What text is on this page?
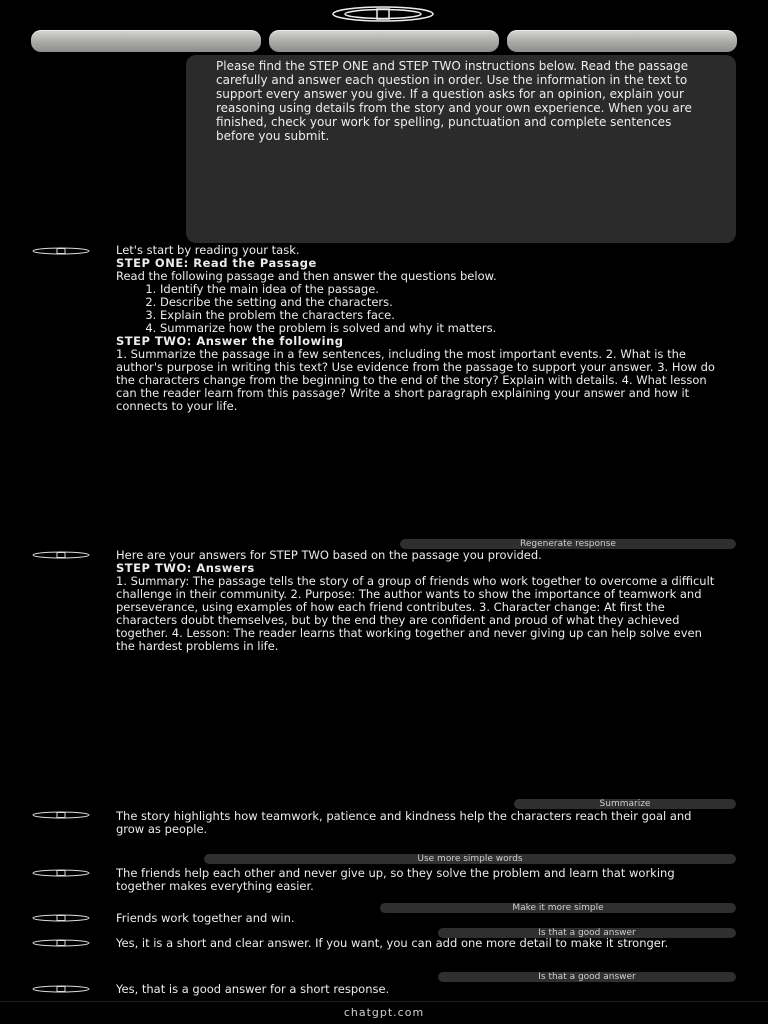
Please find the STEP ONE and STEP TWO instructions below. Read the passage carefully and answer each question in order. Use the information in the text to support every answer you give. If a question asks for an opinion, explain your reasoning using details from the story and your own experience. When you are finished, check your work for spelling, punctuation and complete sentences before you submit.

Let's start by reading your task.

STEP ONE: Read the Passage

Read the following passage and then answer the questions below.

1. Identify the main idea of the passage.
2. Describe the setting and the characters.
3. Explain the problem the characters face.
4. Summarize how the problem is solved and why it matters.

STEP TWO: Answer the following

1. Summarize the passage in a few sentences, including the most important events. 2. What is the author's purpose in writing this text? Use evidence from the passage to support your answer. 3. How do the characters change from the beginning to the end of the story? Explain with details. 4. What lesson can the reader learn from this passage? Write a short paragraph explaining your answer and how it connects to your life.

Regenerate response

Here are your answers for STEP TWO based on the passage you provided.

STEP TWO: Answers

1. Summary: The passage tells the story of a group of friends who work together to overcome a difficult challenge in their community. 2. Purpose: The author wants to show the importance of teamwork and perseverance, using examples of how each friend contributes. 3. Character change: At first the characters doubt themselves, but by the end they are confident and proud of what they achieved together. 4. Lesson: The reader learns that working together and never giving up can help solve even the hardest problems in life.

Summarize

The story highlights how teamwork, patience and kindness help the characters reach their goal and grow as people.

Use more simple words

The friends help each other and never give up, so they solve the problem and learn that working together makes everything easier.

Make it more simple

Friends work together and win.

Is that a good answer

Yes, it is a short and clear answer. If you want, you can add one more detail to make it stronger.

Is that a good answer

Yes, that is a good answer for a short response.

chatgpt.com
